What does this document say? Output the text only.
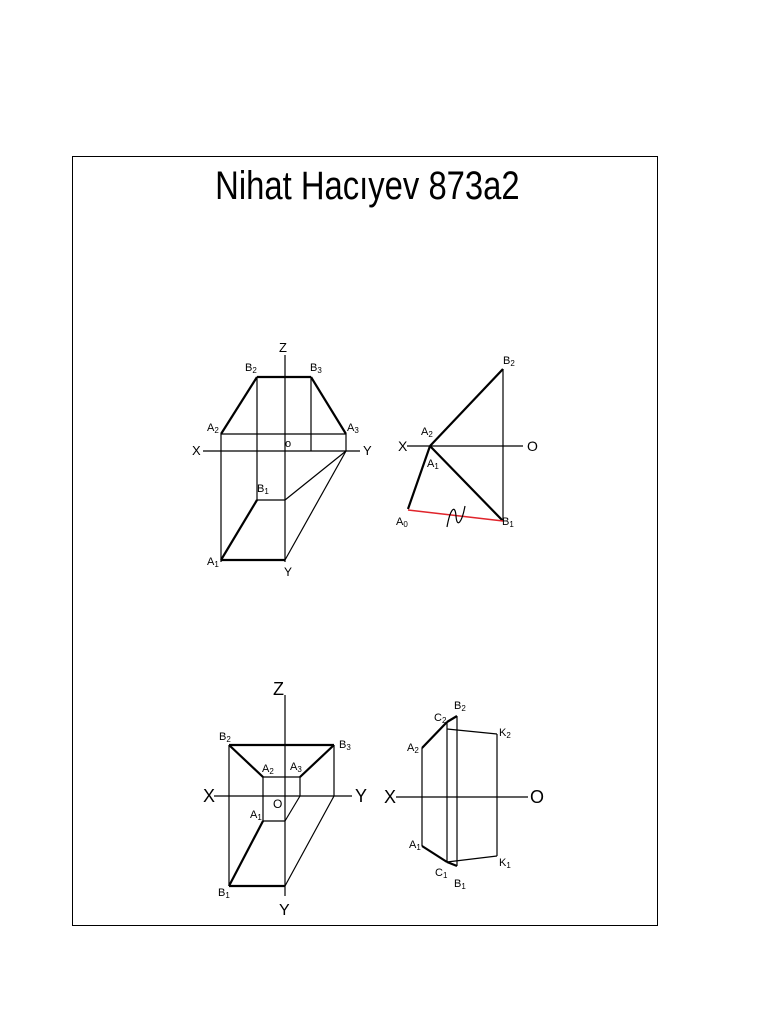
Nihat Hacıyev 873a2
Z
X	Y
o
Y
A2
B2	B3
A3
B1
A1
X	O
A2
A1
B2
B1
A0
Z
X	Y
O
Y
B2	B3
A2 A3
A1
B1
X	O
C2
B2
K2
A2
A1
C1
B1
K1
